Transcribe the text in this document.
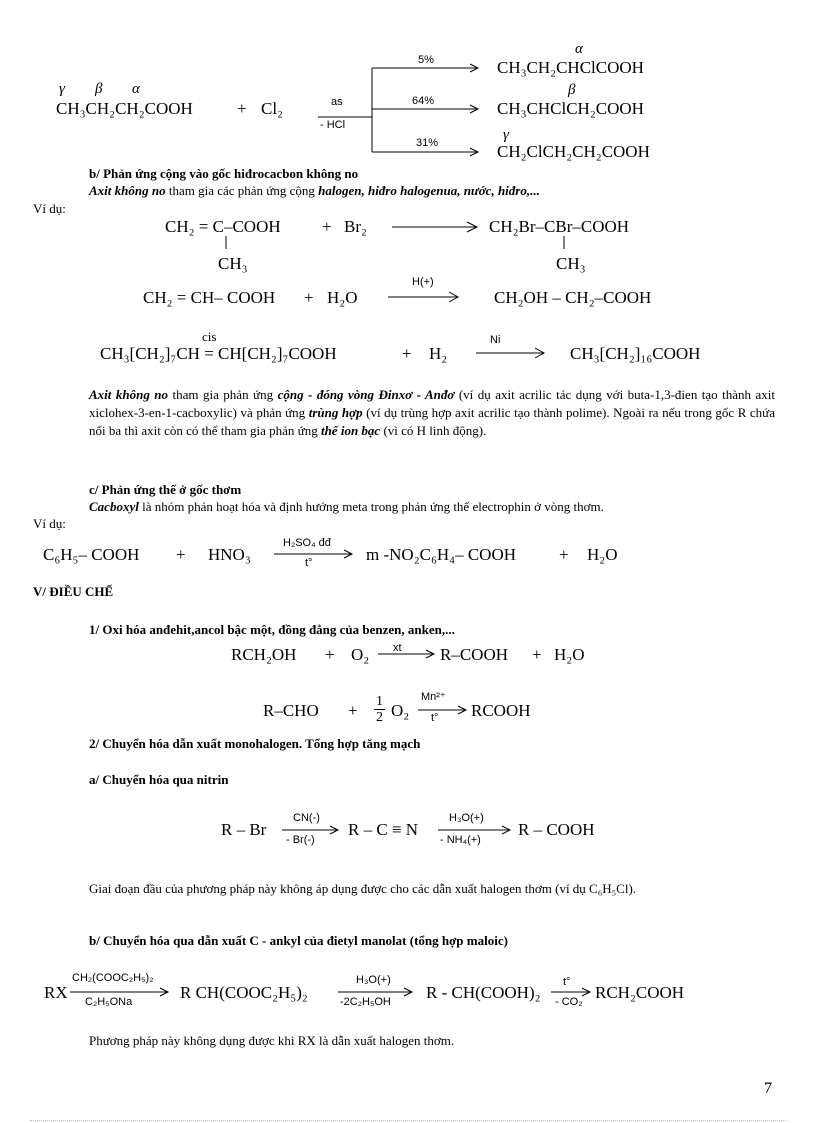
γ β α
CH₃CH₂CH₂COOH	+ Cl₂	as
- HCl
5%
64%
31%
α
CH₃CH₂CHClCOOH
β
CH₃CHClCH₂COOH
γ
CH₂ClCH₂CH₂COOH
b/ Phản ứng cộng vào gốc hiđrocacbon không no
Axit không no tham gia các phản ứng cộng halogen, hiđro halogenua, nước, hiđro,...
Ví dụ:
CH₂ = C–COOH + Br₂	CH₂Br–CBr–COOH
CH₃	CH₃
CH₂ = CH– COOH + H₂O
H(+)
CH₂OH – CH₂–COOH
cis
CH₃[CH₂]₇CH = CH[CH₂]₇COOH	+ H₂
Ni
CH₃[CH₂]₁₆COOH
Axit không no tham gia phản ứng cộng - đóng vòng Đinxơ - Anđơ (ví dụ axit acrilic tác dụng với buta-1,3-đien tạo thành axit xiclohex-3-en-1-cacboxylic) và phản ứng trùng hợp (ví dụ trùng hợp axit acrilic tạo thành polime). Ngoài ra nếu trong gốc R chứa nối ba thì axit còn có thể tham gia phản ứng thế ion bạc (vì có H linh động).
c/ Phản ứng thế ở gốc thơm
Cacboxyl là nhóm phản hoạt hóa và định hướng meta trong phản ứng thế electrophin ở vòng thơm.
Ví dụ:
C₆H₅– COOH + HNO₃
H₂SO₄ đđ
t°	m -NO₂C₆H₄– COOH	+ H₂O
V/ ĐIỀU CHẾ
1/ Oxi hóa anđehit,ancol bậc một, đồng đẳng của benzen, anken,...
RCH₂OH + O₂ xt R–COOH + H₂O
$R-CHO + \frac{1}{2} O_2$
Mn²⁺
t° RCOOH
2/ Chuyển hóa dẫn xuất monohalogen. Tổng hợp tăng mạch
a/ Chuyển hóa qua nitrin
R – Br
CN(-)
- Br(-)
R – C ≡ N
H₃O(+)
- NH₄(+)
R – COOH
Giai đoạn đầu của phương pháp này không áp dụng được cho các dẫn xuất halogen thơm (ví dụ C₆H₅Cl).
b/ Chuyển hóa qua dẫn xuất C - ankyl của đietyl manolat (tổng hợp maloic)
RX
CH₂(COOC₂H₅)₂
C₂H₅ONa	R CH(COOC₂H₅)₂
H₃O(+)
-2C₂H₅OH R - CH(COOH)₂
t°
- CO₂ RCH₂COOH
Phương pháp này không dụng được khi RX là dẫn xuất halogen thơm.
7
